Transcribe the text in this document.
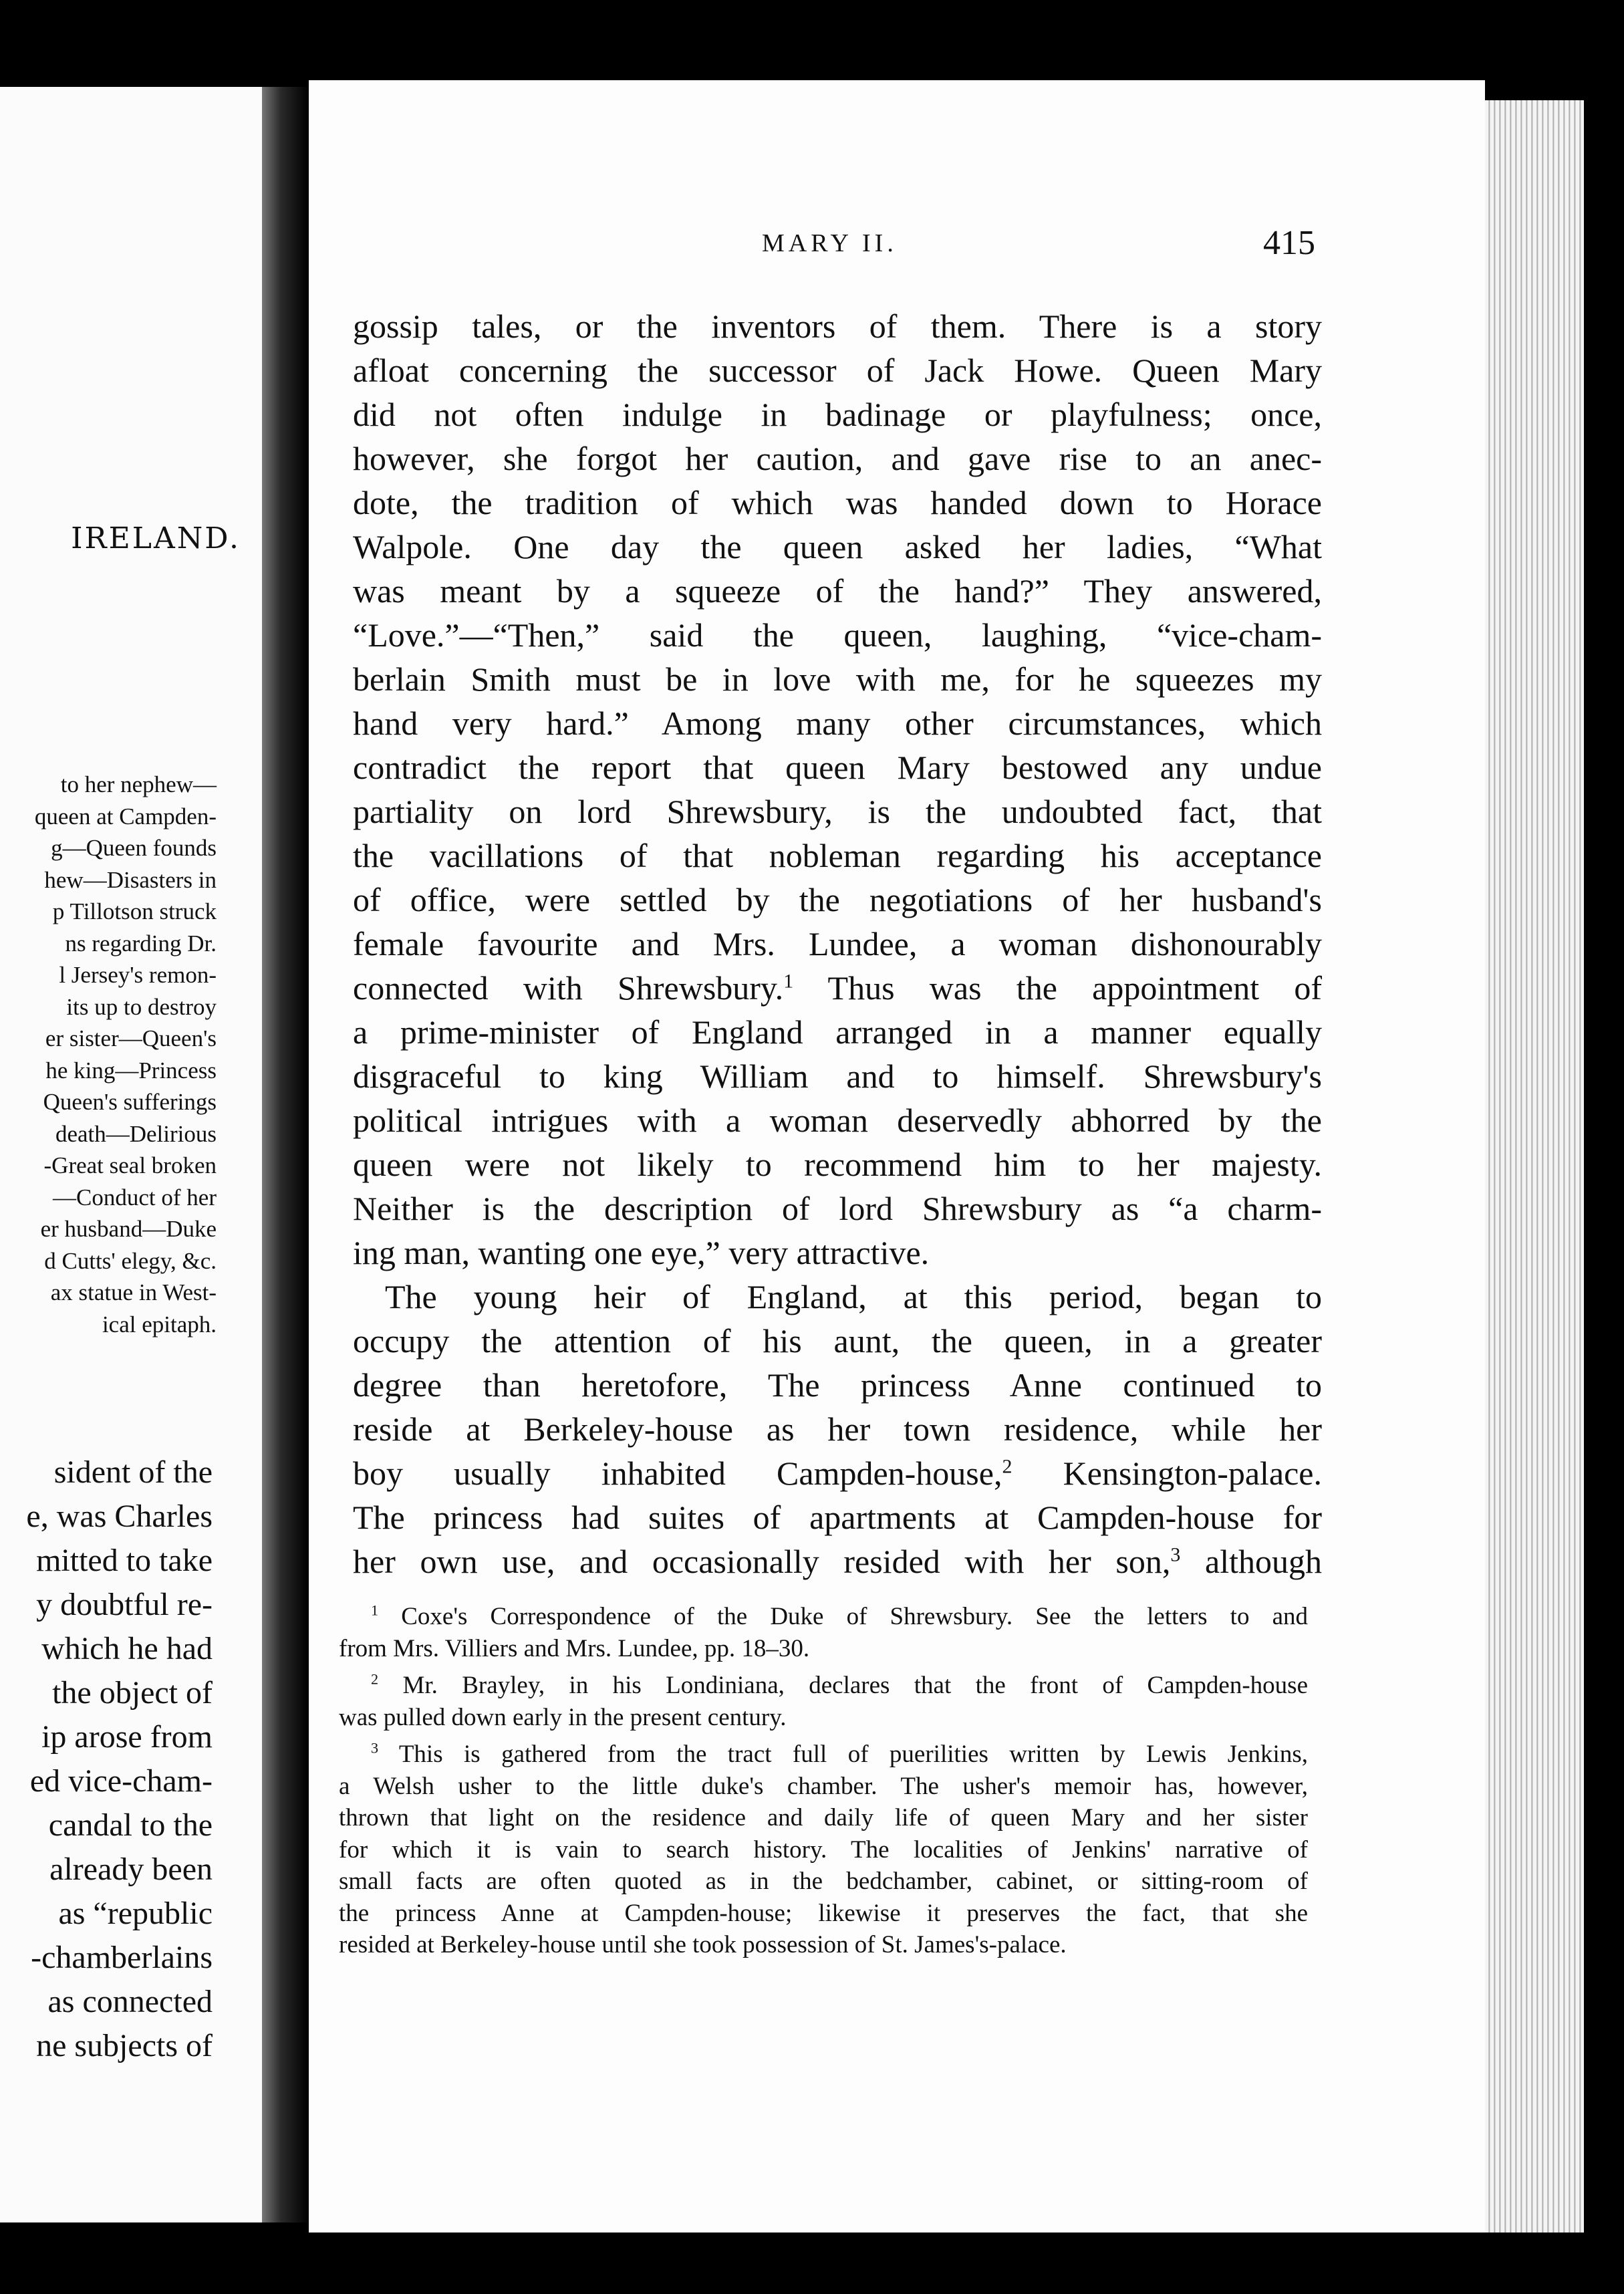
IRELAND.
to her nephew—
queen at Campden-
g—Queen founds
hew—Disasters in
p Tillotson struck
ns regarding Dr.
l Jersey's remon-
its up to destroy
er sister—Queen's
he king—Princess
Queen's sufferings
death—Delirious
-Great seal broken
—Conduct of her
er husband—Duke
d Cutts' elegy, &c.
ax statue in West-
ical epitaph.
sident of the
e, was Charles
mitted to take
y doubtful re-
which he had
the object of
ip arose from
ed vice-cham-
candal to the
already been
as “republic
-chamberlains
as connected
ne subjects of
MARY II.	415
gossip tales, or the inventors of them. There is a story
afloat concerning the successor of Jack Howe. Queen Mary
did not often indulge in badinage or playfulness; once,
however, she forgot her caution, and gave rise to an anec-
dote, the tradition of which was handed down to Horace
Walpole. One day the queen asked her ladies, “What
was meant by a squeeze of the hand?” They answered,
“Love.”—“Then,” said the queen, laughing, “vice-cham-
berlain Smith must be in love with me, for he squeezes my
hand very hard.” Among many other circumstances, which
contradict the report that queen Mary bestowed any undue
partiality on lord Shrewsbury, is the undoubted fact, that
the vacillations of that nobleman regarding his acceptance
of office, were settled by the negotiations of her husband's
female favourite and Mrs. Lundee, a woman dishonourably
connected with Shrewsbury.$^1$ Thus was the appointment of
a prime-minister of England arranged in a manner equally
disgraceful to king William and to himself. Shrewsbury's
political intrigues with a woman deservedly abhorred by the
queen were not likely to recommend him to her majesty.
Neither is the description of lord Shrewsbury as “a charm-
ing man, wanting one eye,” very attractive.
The young heir of England, at this period, began to
occupy the attention of his aunt, the queen, in a greater
degree than heretofore, The princess Anne continued to
reside at Berkeley-house as her town residence, while her
boy usually inhabited Campden-house,$^2$ Kensington-palace.
The princess had suites of apartments at Campden-house for
her own use, and occasionally resided with her son,$^3$ although
$^1$ Coxe's Correspondence of the Duke of Shrewsbury. See the letters to and
from Mrs. Villiers and Mrs. Lundee, pp. 18–30.
$^2$ Mr. Brayley, in his Londiniana, declares that the front of Campden-house
was pulled down early in the present century.
$^3$ This is gathered from the tract full of puerilities written by Lewis Jenkins,
a Welsh usher to the little duke's chamber. The usher's memoir has, however,
thrown that light on the residence and daily life of queen Mary and her sister
for which it is vain to search history. The localities of Jenkins' narrative of
small facts are often quoted as in the bedchamber, cabinet, or sitting-room of
the princess Anne at Campden-house; likewise it preserves the fact, that she
resided at Berkeley-house until she took possession of St. James's-palace.
